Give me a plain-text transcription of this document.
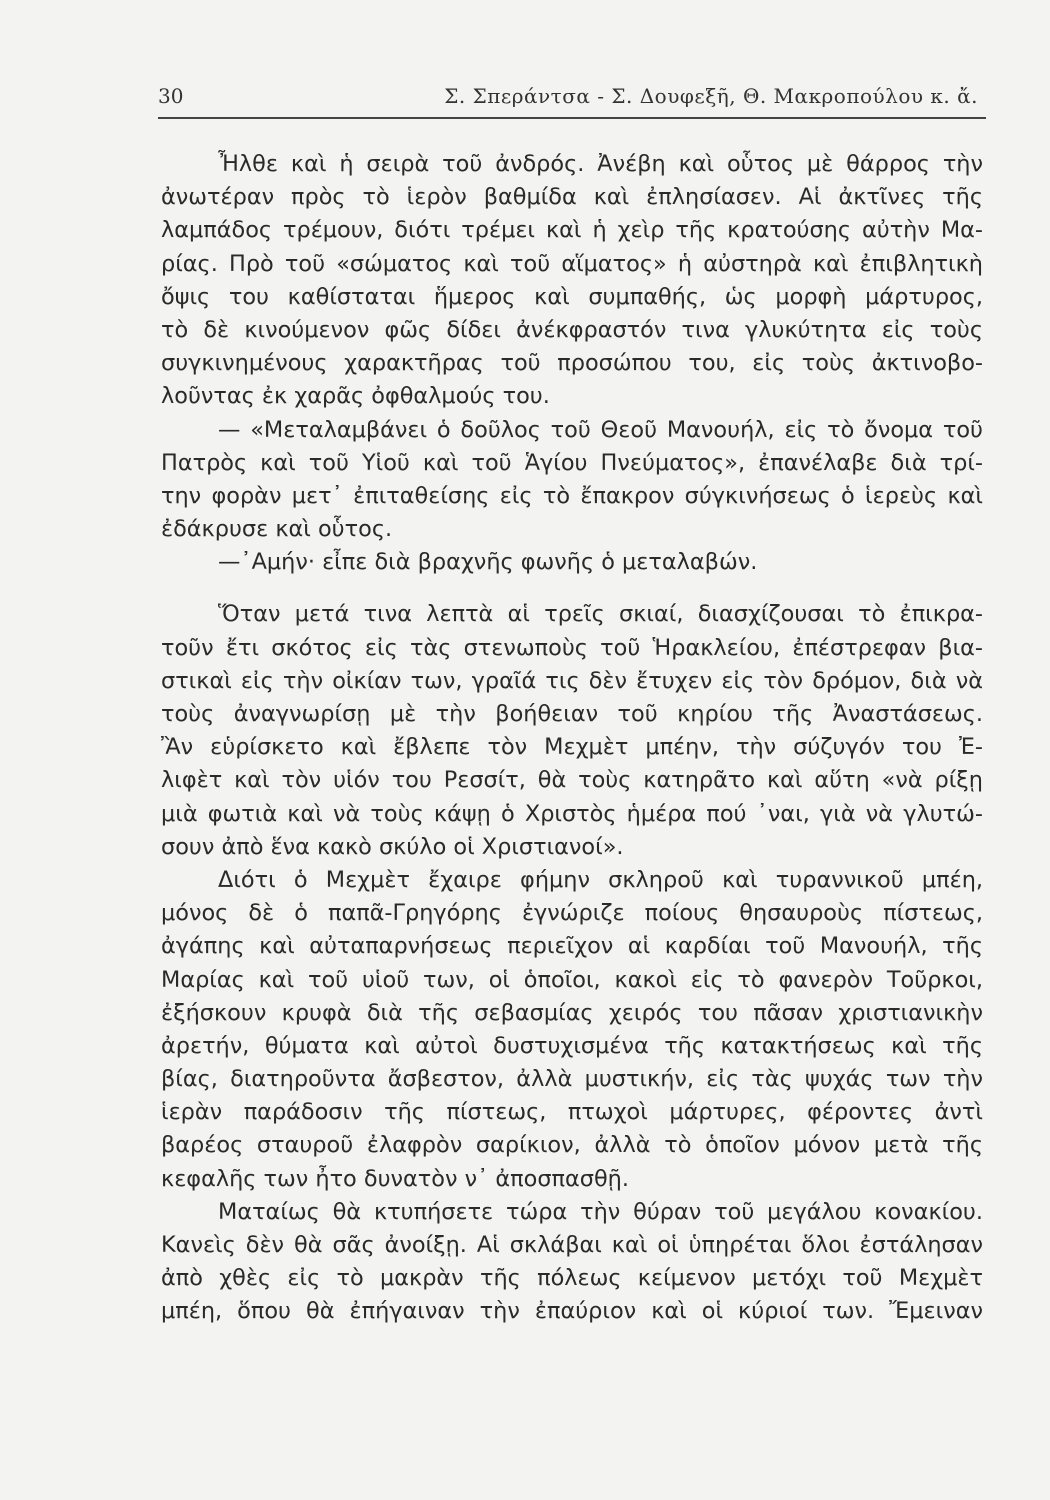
30	Σ. Σπεράντσα - Σ. Δουφεξῆ, Θ. Μακροπούλου κ. ἄ.
Ἦλθε καὶ ἡ σειρὰ τοῦ ἀνδρός. Ἀνέβη καὶ οὗτος μὲ θάρρος τὴν
ἀνωτέραν πρὸς τὸ ἱερὸν βαθμίδα καὶ ἐπλησίασεν. Αἱ ἀκτῖνες τῆς
λαμπάδος τρέμουν, διότι τρέμει καὶ ἡ χεὶρ τῆς κρατούσης αὐτὴν Μα-
ρίας. Πρὸ τοῦ «σώματος καὶ τοῦ αἵματος» ἡ αὐστηρὰ καὶ ἐπιβλητικὴ
ὄψις του καθίσταται ἥμερος καὶ συμπαθής, ὡς μορφὴ μάρτυρος,
τὸ δὲ κινούμενον φῶς δίδει ἀνέκφραστόν τινα γλυκύτητα εἰς τοὺς
συγκινημένους χαρακτῆρας τοῦ προσώπου του, εἰς τοὺς ἀκτινοβο-
λοῦντας ἐκ χαρᾶς ὀφθαλμούς του.
— «Μεταλαμβάνει ὁ δοῦλος τοῦ Θεοῦ Μανουήλ, εἰς τὸ ὄνομα τοῦ
Πατρὸς καὶ τοῦ Υἱοῦ καὶ τοῦ Ἁγίου Πνεύματος», ἐπανέλαβε διὰ τρί-
την φορὰν μετ᾽ ἐπιταθείσης εἰς τὸ ἔπακρον σύγκινήσεως ὁ ἱερεὺς καὶ
ἐδάκρυσε καὶ οὗτος.
—᾽Αμήν· εἶπε διὰ βραχνῆς φωνῆς ὁ μεταλαβών.
Ὅταν μετά τινα λεπτὰ αἱ τρεῖς σκιαί, διασχίζουσαι τὸ ἐπικρα-
τοῦν ἔτι σκότος εἰς τὰς στενωποὺς τοῦ Ἡρακλείου, ἐπέστρεφαν βια-
στικαὶ εἰς τὴν οἰκίαν των, γραῖά τις δὲν ἔτυχεν εἰς τὸν δρόμον, διὰ νὰ
τοὺς ἀναγνωρίσῃ μὲ τὴν βοήθειαν τοῦ κηρίου τῆς Ἀναστάσεως.
Ἂν εὑρίσκετο καὶ ἔβλεπε τὸν Μεχμὲτ μπέην, τὴν σύζυγόν του Ἐ-
λιφὲτ καὶ τὸν υἱόν του Ρεσσίτ, θὰ τοὺς κατηρᾶτο καὶ αὕτη «νὰ ρίξῃ
μιὰ φωτιὰ καὶ νὰ τοὺς κάψῃ ὁ Χριστὸς ἡμέρα πού ᾽ναι, γιὰ νὰ γλυτώ-
σουν ἀπὸ ἕνα κακὸ σκύλο οἱ Χριστιανοί».
Διότι ὁ Μεχμὲτ ἔχαιρε φήμην σκληροῦ καὶ τυραννικοῦ μπέη,
μόνος δὲ ὁ παπᾶ-Γρηγόρης ἐγνώριζε ποίους θησαυροὺς πίστεως,
ἀγάπης καὶ αὐταπαρνήσεως περιεῖχον αἱ καρδίαι τοῦ Μανουήλ, τῆς
Μαρίας καὶ τοῦ υἱοῦ των, οἱ ὁποῖοι, κακοὶ εἰς τὸ φανερὸν Τοῦρκοι,
ἐξήσκουν κρυφὰ διὰ τῆς σεβασμίας χειρός του πᾶσαν χριστιανικὴν
ἀρετήν, θύματα καὶ αὐτοὶ δυστυχισμένα τῆς κατακτήσεως καὶ τῆς
βίας, διατηροῦντα ἄσβεστον, ἀλλὰ μυστικήν, εἰς τὰς ψυχάς των τὴν
ἱερὰν παράδοσιν τῆς πίστεως, πτωχοὶ μάρτυρες, φέροντες ἀντὶ
βαρέος σταυροῦ ἐλαφρὸν σαρίκιον, ἀλλὰ τὸ ὁποῖον μόνον μετὰ τῆς
κεφαλῆς των ἦτο δυνατὸν ν᾽ ἀποσπασθῇ.
Ματαίως θὰ κτυπήσετε τώρα τὴν θύραν τοῦ μεγάλου κονακίου.
Κανεὶς δὲν θὰ σᾶς ἀνοίξῃ. Αἱ σκλάβαι καὶ οἱ ὑπηρέται ὅλοι ἐστάλησαν
ἀπὸ χθὲς εἰς τὸ μακρὰν τῆς πόλεως κείμενον μετόχι τοῦ Μεχμὲτ
μπέη, ὅπου θὰ ἐπήγαιναν τὴν ἐπαύριον καὶ οἱ κύριοί των. Ἔμειναν
